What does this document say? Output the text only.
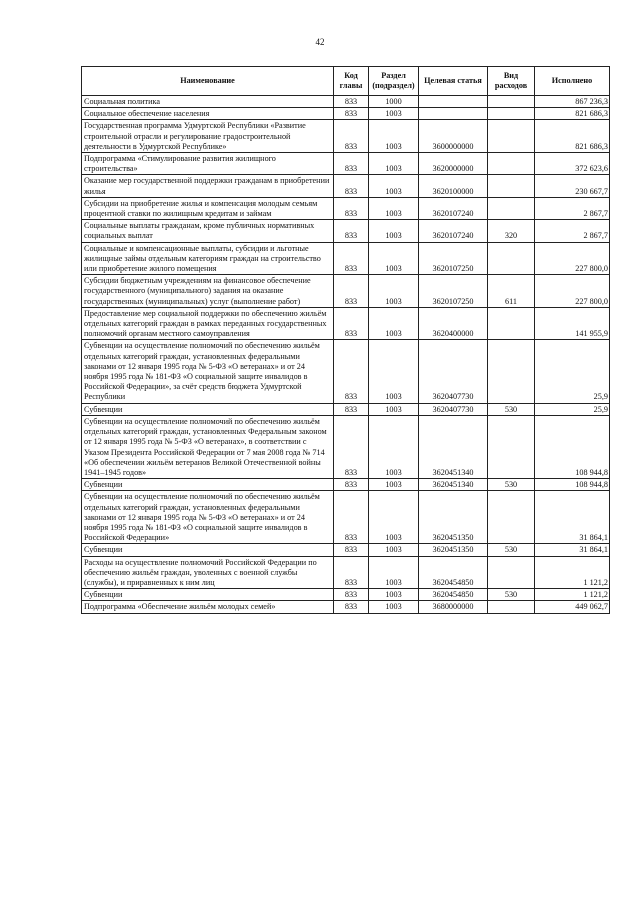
42
Наименование	Код главы	Раздел (подраздел)	Целевая статья	Вид расходов	Исполнено
Социальная политика	833	1000			867 236,3
Социальное обеспечение населения	833	1003			821 686,3
Государственная программа Удмуртской Республики «Развитие строительной отрасли и регулирование градостроительной деятельности в Удмуртской Республике»	833	1003	3600000000		821 686,3
Подпрограмма «Стимулирование развития жилищного строительства»	833	1003	3620000000		372 623,6
Оказание мер государственной поддержки гражданам в приобретении жилья	833	1003	3620100000		230 667,7
Субсидии на приобретение жилья и компенсация молодым семьям процентной ставки по жилищным кредитам и займам	833	1003	3620107240		2 867,7
Социальные выплаты гражданам, кроме публичных нормативных социальных выплат	833	1003	3620107240	320	2 867,7
Социальные и компенсационные выплаты, субсидии и льготные жилищные займы отдельным категориям граждан на строительство или приобретение жилого помещения	833	1003	3620107250		227 800,0
Субсидии бюджетным учреждениям на финансовое обеспечение государственного (муниципального) задания на оказание государственных (муниципальных) услуг (выполнение работ)	833	1003	3620107250	611	227 800,0
Предоставление мер социальной поддержки по обеспечению жильём отдельных категорий граждан в рамках переданных государственных полномочий органам местного самоуправления	833	1003	3620400000		141 955,9
Субвенции на осуществление полномочий по обеспечению жильём отдельных категорий граждан, установленных федеральными законами от 12 января 1995 года № 5-ФЗ «О ветеранах» и от 24 ноября 1995 года № 181-ФЗ «О социальной защите инвалидов в Российской Федерации», за счёт средств бюджета Удмуртской Республики	833	1003	3620407730		25,9
Субвенции	833	1003	3620407730	530	25,9
Субвенции на осуществление полномочий по обеспечению жильём отдельных категорий граждан, установленных Федеральным законом от 12 января 1995 года № 5-ФЗ «О ветеранах», в соответствии с Указом Президента Российской Федерации от 7 мая 2008 года № 714 «Об обеспечении жильём ветеранов Великой Отечественной войны 1941–1945 годов»	833	1003	3620451340		108 944,8
Субвенции	833	1003	3620451340	530	108 944,8
Субвенции на осуществление полномочий по обеспечению жильём отдельных категорий граждан, установленных федеральными законами от 12 января 1995 года № 5-ФЗ «О ветеранах» и от 24 ноября 1995 года № 181-ФЗ «О социальной защите инвалидов в Российской Федерации»	833	1003	3620451350		31 864,1
Субвенции	833	1003	3620451350	530	31 864,1
Расходы на осуществление полномочий Российской Федерации по обеспечению жильём граждан, уволенных с военной службы (службы), и приравненных к ним лиц	833	1003	3620454850		1 121,2
Субвенции	833	1003	3620454850	530	1 121,2
Подпрограмма «Обеспечение жильём молодых семей»	833	1003	3680000000		449 062,7
